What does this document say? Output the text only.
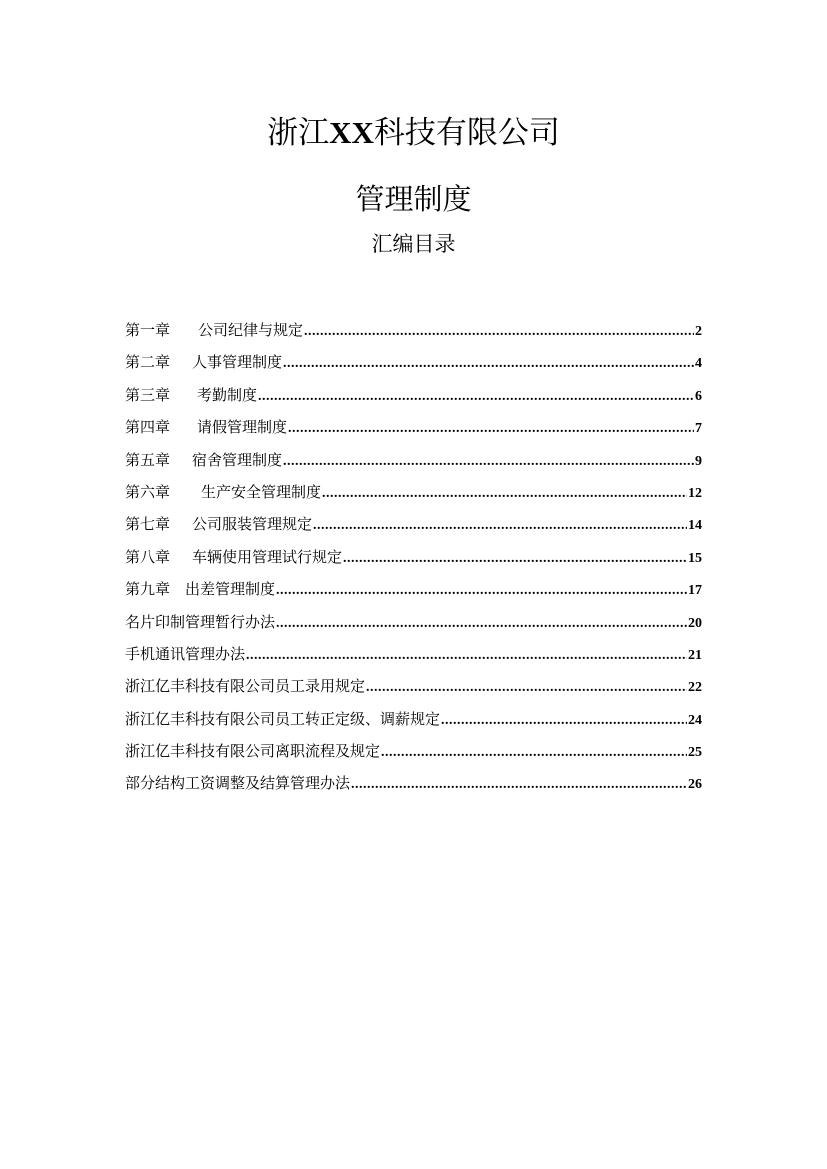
浙江XX科技有限公司
管理制度
汇编目录
第一章	公司纪律与规定 .....	2
第二章	人事管理制度 .....	4
第三章	考勤制度 .....	6
第四章	请假管理制度 .....	7
第五章	宿舍管理制度 .....	9
第六章	生产安全管理制度 .....	12
第七章	公司服装管理规定 .....	14
第八章	车辆使用管理试行规定 .....	15
第九章 出差管理制度 .....	17
名片印制管理暂行办法 .....	20
手机通讯管理办法 .....	21
浙江亿丰科技有限公司员工录用规定 .....	22
浙江亿丰科技有限公司员工转正定级、调薪规定 .....	24
浙江亿丰科技有限公司离职流程及规定 .....	25
部分结构工资调整及结算管理办法 .....	26
